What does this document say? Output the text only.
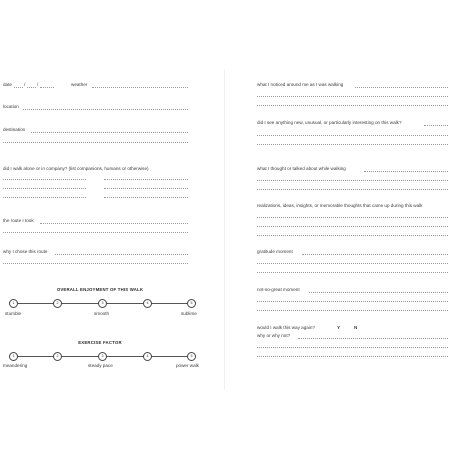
date	/	/	weather
location
destination
did I walk alone or in company? (list companions, humans or otherwise)
the route I took
why I chose this route
OVERALL ENJOYMENT OF THIS WALK
1	2	3	4	5
stumble	smooth	sublime
EXERCISE FACTOR
1	2	3	4	5
meandering	steady pace	power walk
what I noticed around me as I was walking
did I see anything new, unusual, or particularly interesting on this walk?
what I thought or talked about while walking
realizations, ideas, insights, or memorable thoughts that came up during this walk
gratitude moment
not-so-great moment
would I walk this way again?	Y	N
why or why not?
